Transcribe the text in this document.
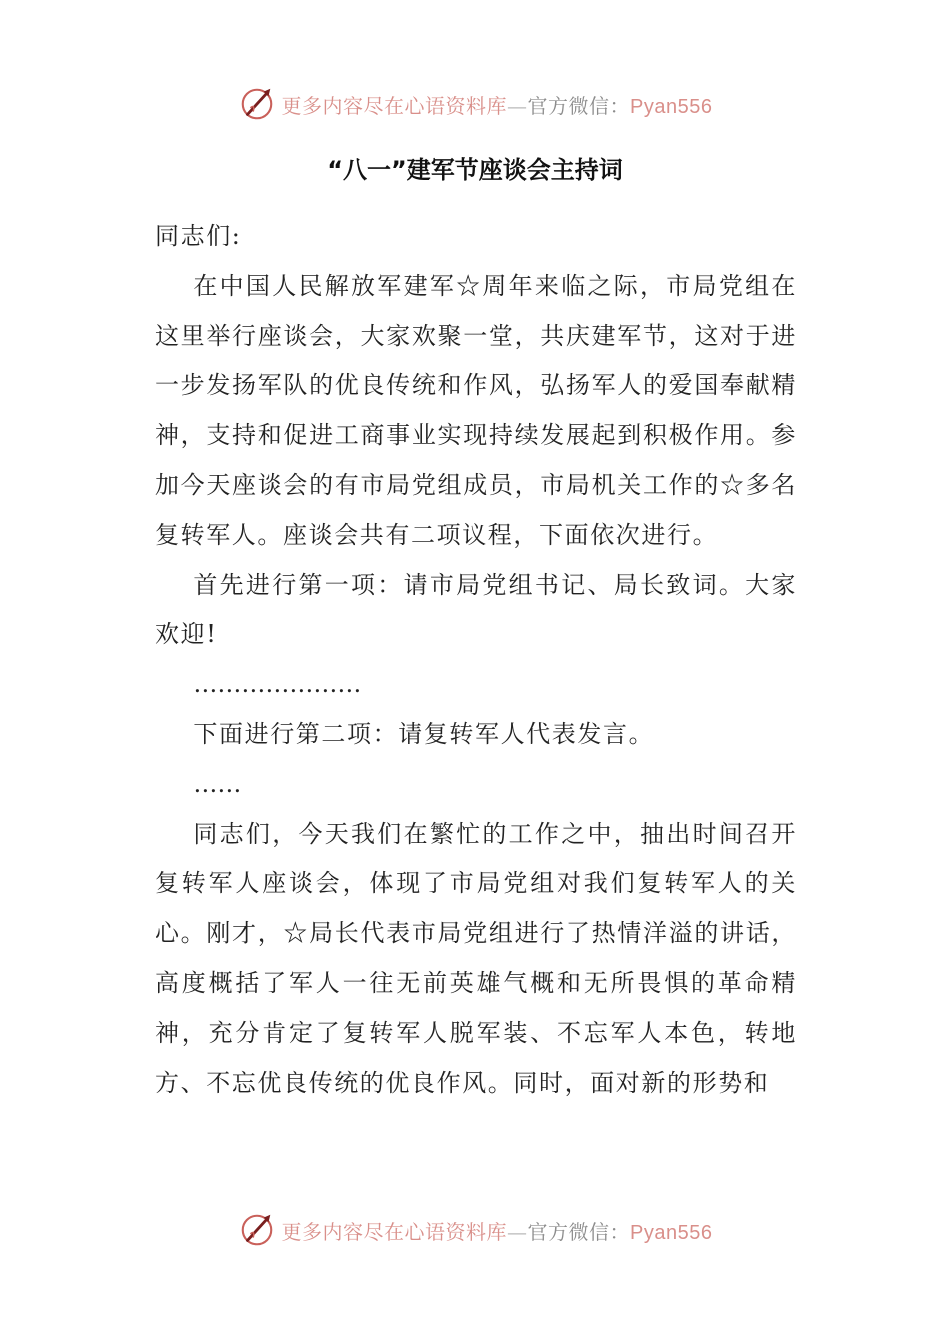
更多内容尽在心语资料库—官方微信：Pyan556
“八一”建军节座谈会主持词

同志们:

在中国人民解放军建军☆周年来临之际，市局党组在这里举行座谈会，大家欢聚一堂，共庆建军节，这对于进一步发扬军队的优良传统和作风，弘扬军人的爱国奉献精神，支持和促进工商事业实现持续发展起到积极作用。参加今天座谈会的有市局党组成员，市局机关工作的☆多名复转军人。座谈会共有二项议程，下面依次进行。

首先进行第一项：请市局党组书记、局长致词。大家欢迎!

…………………

下面进行第二项：请复转军人代表发言。

……

同志们，今天我们在繁忙的工作之中，抽出时间召开复转军人座谈会，体现了市局党组对我们复转军人的关心。刚才，☆局长代表市局党组进行了热情洋溢的讲话，高度概括了军人一往无前英雄气概和无所畏惧的革命精神，充分肯定了复转军人脱军装、不忘军人本色，转地方、不忘优良传统的优良作风。同时，面对新的形势和

更多内容尽在心语资料库—官方微信：Pyan556
